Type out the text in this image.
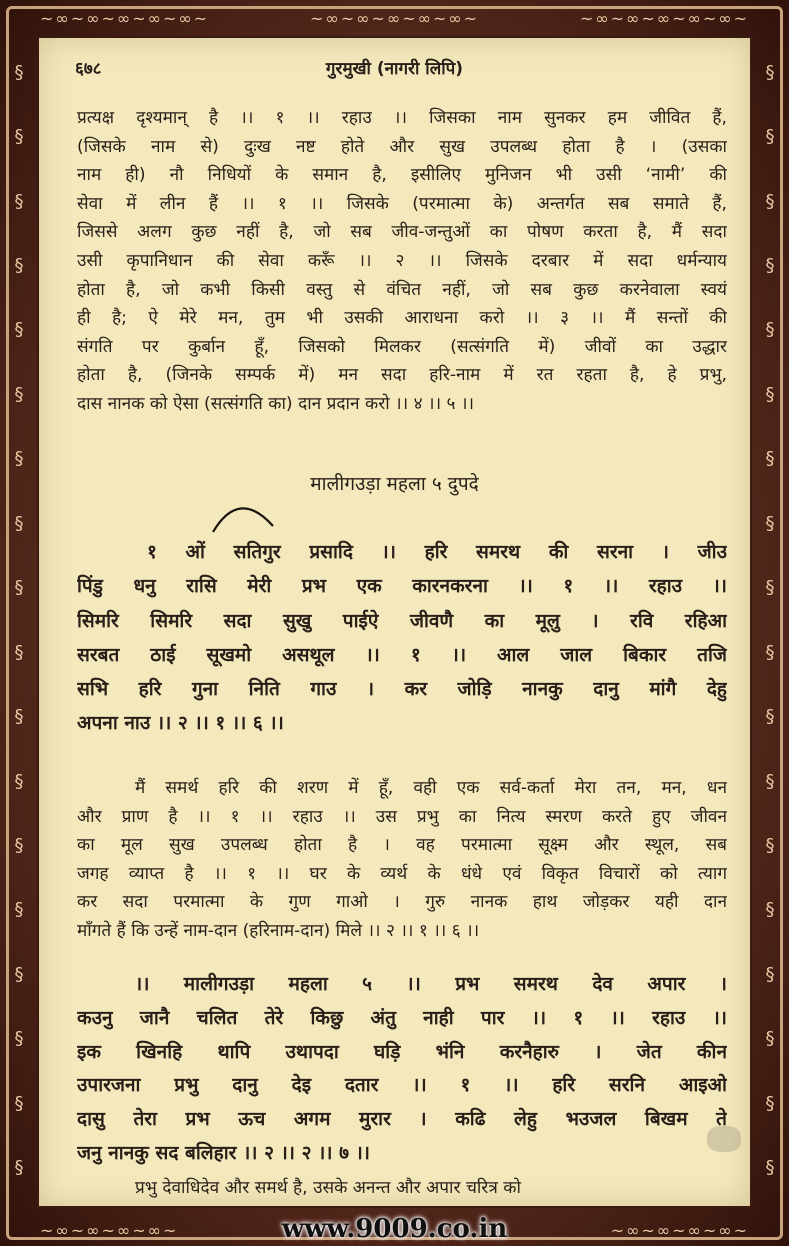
~∞~∞~∞~∞~∞~	~∞~∞~∞~∞~∞~	~∞~∞~∞~∞~∞~
§
§
§
§
§
§
§
§
§
§
§
§
§
§
§
§
§
§
§
§
§
§
§
§
§
§
§
§
§
§
§
§
§
§
§
§
~∞~∞~∞~∞~	~∞~∞~∞~∞~
६७८	गुरमुखी (नागरी लिपि)
प्रत्यक्ष दृश्यमान् है ।। १ ।। रहाउ ।। जिसका नाम सुनकर हम जीवित हैं,
(जिसके नाम से) दुःख नष्ट होते और सुख उपलब्ध होता है । (उसका
नाम ही) नौ निधियों के समान है, इसीलिए मुनिजन भी उसी ‘नामी’ की
सेवा में लीन हैं ।। १ ।। जिसके (परमात्मा के) अन्तर्गत सब समाते हैं,
जिससे अलग कुछ नहीं है, जो सब जीव-जन्तुओं का पोषण करता है, मैं सदा
उसी कृपानिधान की सेवा करूँ ।। २ ।। जिसके दरबार में सदा धर्मन्याय
होता है, जो कभी किसी वस्तु से वंचित नहीं, जो सब कुछ करनेवाला स्वयं
ही है; ऐ मेरे मन, तुम भी उसकी आराधना करो ।। ३ ।। मैं सन्तों की
संगति पर कुर्बान हूँ, जिसको मिलकर (सत्संगति में) जीवों का उद्धार
होता है, (जिनके सम्पर्क में) मन सदा हरि-नाम में रत रहता है, हे प्रभु,
दास नानक को ऐसा (सत्संगति का) दान प्रदान करो ।। ४ ।। ५ ।।
मालीगउड़ा महला ५ दुपदे
१ ओं सतिगुर प्रसादि ।। हरि समरथ की सरना । जीउ
पिंडु धनु रासि मेरी प्रभ एक कारनकरना ।। १ ।। रहाउ ।।
सिमरि सिमरि सदा सुखु पाईऐ जीवणै का मूलु । रवि रहिआ
सरबत ठाई सूखमो असथूल ।। १ ।। आल जाल बिकार तजि
सभि हरि गुना निति गाउ । कर जोड़ि नानकु दानु मांगै देहु
अपना नाउ ।। २ ।। १ ।। ६ ।।
मैं समर्थ हरि की शरण में हूँ, वही एक सर्व-कर्ता मेरा तन, मन, धन
और प्राण है ।। १ ।। रहाउ ।। उस प्रभु का नित्य स्मरण करते हुए जीवन
का मूल सुख उपलब्ध होता है । वह परमात्मा सूक्ष्म और स्थूल, सब
जगह व्याप्त है ।। १ ।। घर के व्यर्थ के धंधे एवं विकृत विचारों को त्याग
कर सदा परमात्मा के गुण गाओ । गुरु नानक हाथ जोड़कर यही दान
माँगते हैं कि उन्हें नाम-दान (हरिनाम-दान) मिले ।। २ ।। १ ।। ६ ।।
।। मालीगउड़ा महला ५ ।। प्रभ समरथ देव अपार ।
कउनु जानै चलित तेरे किछु अंतु नाही पार ।। १ ।। रहाउ ।।
इक खिनहि थापि उथापदा घड़ि भंनि करनैहारु । जेत कीन
उपारजना प्रभु दानु देइ दतार ।। १ ।। हरि सरनि आइओ
दासु तेरा प्रभ ऊच अगम मुरार । कढि लेहु भउजल बिखम ते
जनु नानकु सद बलिहार ।। २ ।। २ ।। ७ ।।
प्रभु देवाधिदेव और समर्थ है, उसके अनन्त और अपार चरित्र को
www.9009.co.in
